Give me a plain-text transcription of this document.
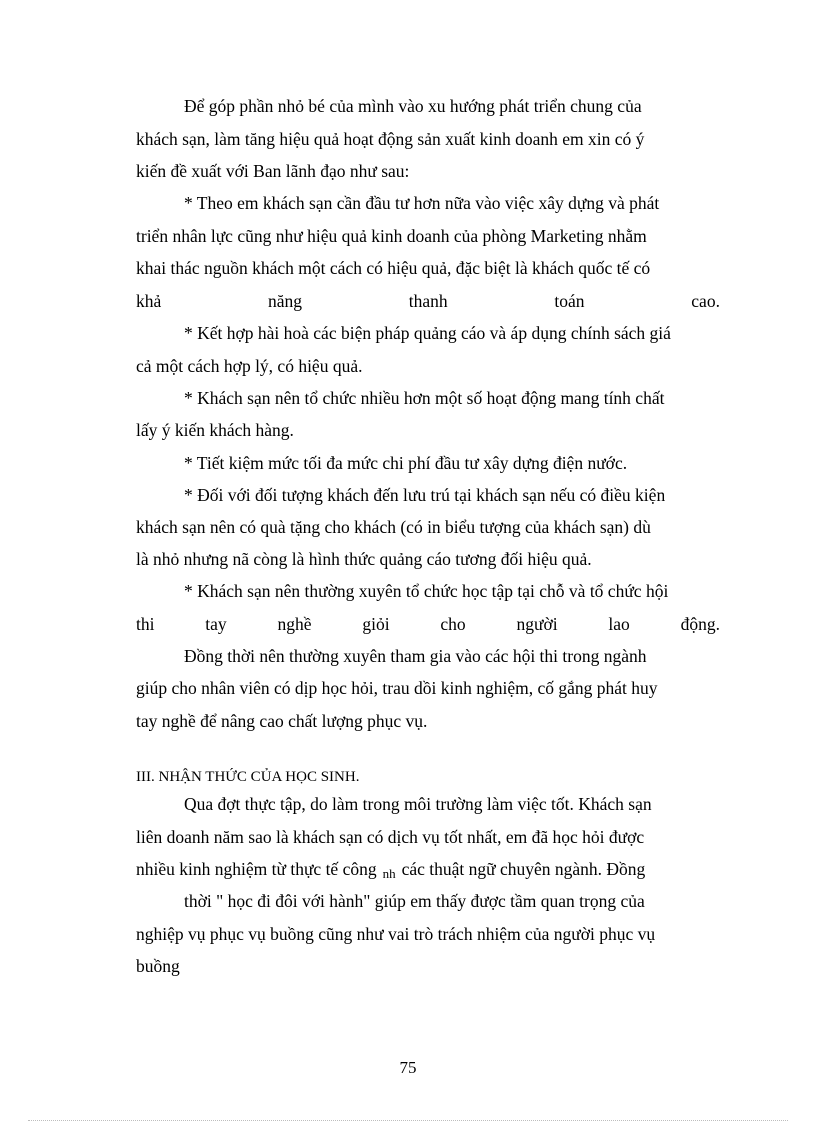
Để góp phần nhỏ bé của mình vào xu hướng phát triển chung của
khách sạn, làm tăng hiệu quả hoạt động sản xuất kinh doanh em xin có ý
kiến đề xuất với Ban lãnh đạo như sau:
* Theo em khách sạn cần đầu tư hơn nữa vào việc xây dựng và phát
triển nhân lực cũng như hiệu quả kinh doanh của phòng Marketing nhằm
khai thác nguồn khách một cách có hiệu quả, đặc biệt là khách quốc tế có
khả	năng	thanh	toán	cao.
* Kết hợp hài hoà các biện pháp quảng cáo và áp dụng chính sách giá
cả một cách hợp lý, có hiệu quả.
* Khách sạn nên tổ chức nhiều hơn một số hoạt động mang tính chất
lấy ý kiến khách hàng.
* Tiết kiệm mức tối đa mức chi phí đầu tư xây dựng điện nước.
* Đối với đối tượng khách đến lưu trú tại khách sạn nếu có điều kiện
khách sạn nên có quà tặng cho khách (có in biểu tượng của khách sạn) dù
là nhỏ nhưng nã còng là hình thức quảng cáo tương đối hiệu quả.
* Khách sạn nên thường xuyên tổ chức học tập tại chỗ và tổ chức hội
thi	tay	nghề	giỏi	cho	người	lao	động.
Đồng thời nên thường xuyên tham gia vào các hội thi trong ngành
giúp cho nhân viên có dịp học hỏi, trau dồi kinh nghiệm, cố gắng phát huy
tay nghề để nâng cao chất lượng phục vụ.
III. NHẬN THỨC CỦA HỌC SINH.
Qua đợt thực tập, do làm trong môi trường làm việc tốt. Khách sạn
liên doanh năm sao là khách sạn có dịch vụ tốt nhất, em đã học hỏi được
nhiều kinh nghiệm từ thực tế công nh các thuật ngữ chuyên ngành. Đồng
thời " học đi đôi với hành" giúp em thấy được tầm quan trọng của
nghiệp vụ phục vụ buồng cũng như vai trò trách nhiệm của người phục vụ
buồng
75
